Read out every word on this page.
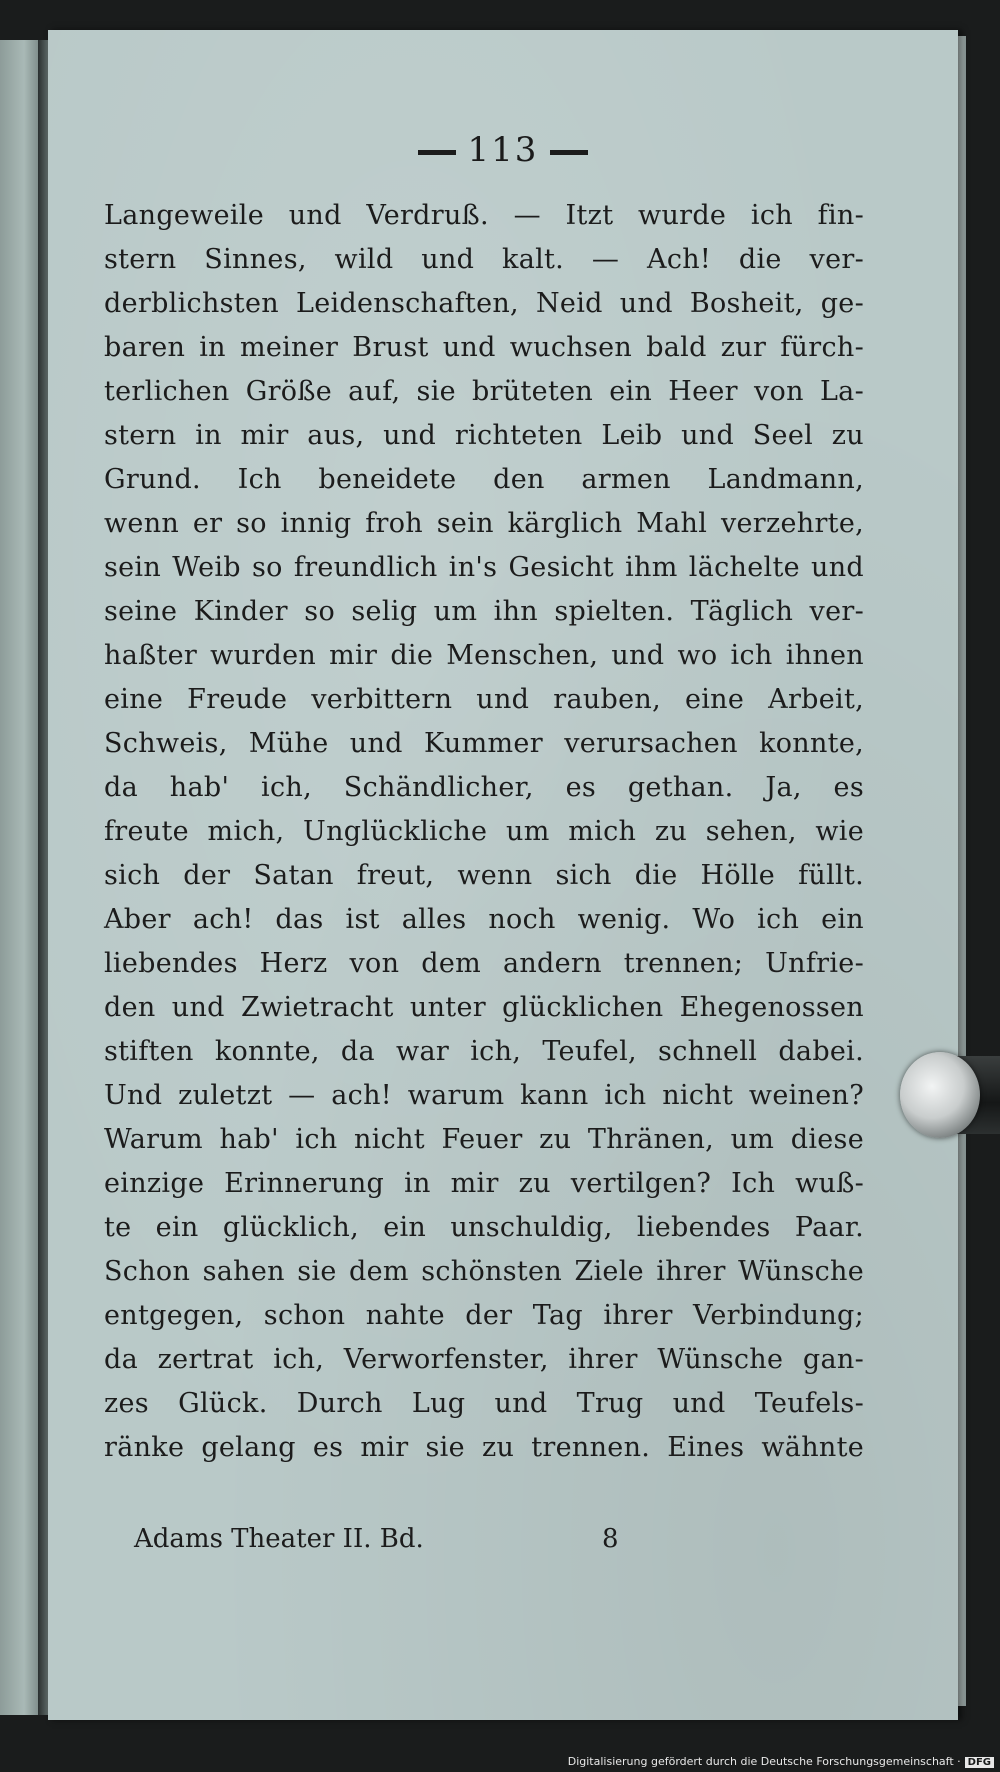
113
Langeweile und Verdruß. — Itzt wurde ich fin-
stern Sinnes, wild und kalt. — Ach! die ver-
derblichsten Leidenschaften, Neid und Bosheit, ge-
baren in meiner Brust und wuchsen bald zur fürch-
terlichen Größe auf, sie brüteten ein Heer von La-
stern in mir aus, und richteten Leib und Seel zu
Grund. Ich beneidete den armen Landmann,
wenn er so innig froh sein kärglich Mahl verzehrte,
sein Weib so freundlich in's Gesicht ihm lächelte und
seine Kinder so selig um ihn spielten. Täglich ver-
haßter wurden mir die Menschen, und wo ich ihnen
eine Freude verbittern und rauben, eine Arbeit,
Schweis, Mühe und Kummer verursachen konnte,
da hab' ich, Schändlicher, es gethan. Ja, es
freute mich, Unglückliche um mich zu sehen, wie
sich der Satan freut, wenn sich die Hölle füllt.
Aber ach! das ist alles noch wenig. Wo ich ein
liebendes Herz von dem andern trennen; Unfrie-
den und Zwietracht unter glücklichen Ehegenossen
stiften konnte, da war ich, Teufel, schnell dabei.
Und zuletzt — ach! warum kann ich nicht weinen?
Warum hab' ich nicht Feuer zu Thränen, um diese
einzige Erinnerung in mir zu vertilgen? Ich wuß-
te ein glücklich, ein unschuldig, liebendes Paar.
Schon sahen sie dem schönsten Ziele ihrer Wünsche
entgegen, schon nahte der Tag ihrer Verbindung;
da zertrat ich, Verworfenster, ihrer Wünsche gan-
zes Glück. Durch Lug und Trug und Teufels-
ränke gelang es mir sie zu trennen. Eines wähnte
Adams Theater II. Bd.	8
Digitalisierung gefördert durch die Deutsche Forschungsgemeinschaft · DFG
